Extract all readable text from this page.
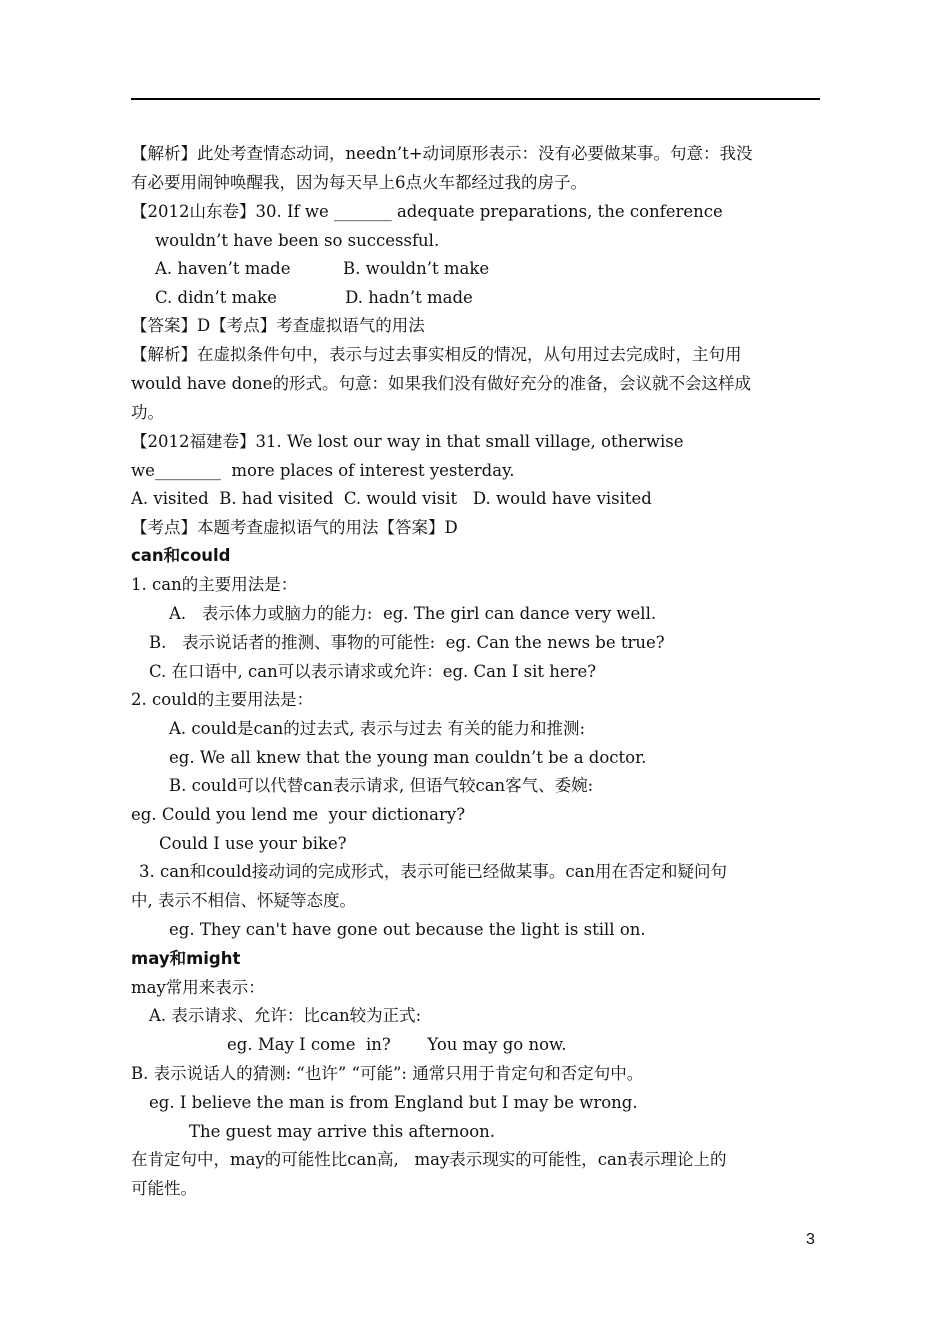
【解析】此处考查情态动词，needn’t+动词原形表示：没有必要做某事。句意：我没
有必要用闹钟唤醒我，因为每天早上6点火车都经过我的房子。
【2012山东卷】30. If we _______ adequate preparations, the conference
wouldn’t have been so successful.
A. haven’t made          B. wouldn’t make
C. didn’t make             D. hadn’t made
【答案】D【考点】考查虚拟语气的用法
【解析】在虚拟条件句中，表示与过去事实相反的情况，从句用过去完成时，主句用
would have done的形式。句意：如果我们没有做好充分的准备，会议就不会这样成
功。
【2012福建卷】31. We lost our way in that small village, otherwise
we________  more places of interest yesterday.
A. visited  B. had visited  C. would visit   D. would have visited
【考点】本题考查虚拟语气的用法【答案】D
can和could
1. can的主要用法是：
A.   表示体力或脑力的能力:  eg. The girl can dance very well.
B.   表示说话者的推测、事物的可能性:  eg. Can the news be true?
C. 在口语中, can可以表示请求或允许：eg. Can I sit here?
2. could的主要用法是：
A. could是can的过去式, 表示与过去 有关的能力和推测:
eg. We all knew that the young man couldn’t be a doctor.
B. could可以代替can表示请求, 但语气较can客气、委婉:
eg. Could you lend me  your dictionary?
Could I use your bike?
3. can和could接动词的完成形式，表示可能已经做某事。can用在否定和疑问句
中, 表示不相信、怀疑等态度。
eg. They can't have gone out because the light is still on.
may和might
may常用来表示：
A. 表示请求、允许：比can较为正式:
eg. May I come  in?       You may go now.
B. 表示说话人的猜测: “也许” “可能”: 通常只用于肯定句和否定句中。
eg. I believe the man is from England but I may be wrong.
The guest may arrive this afternoon.
在肯定句中，may的可能性比can高,   may表示现实的可能性，can表示理论上的
可能性。
3
